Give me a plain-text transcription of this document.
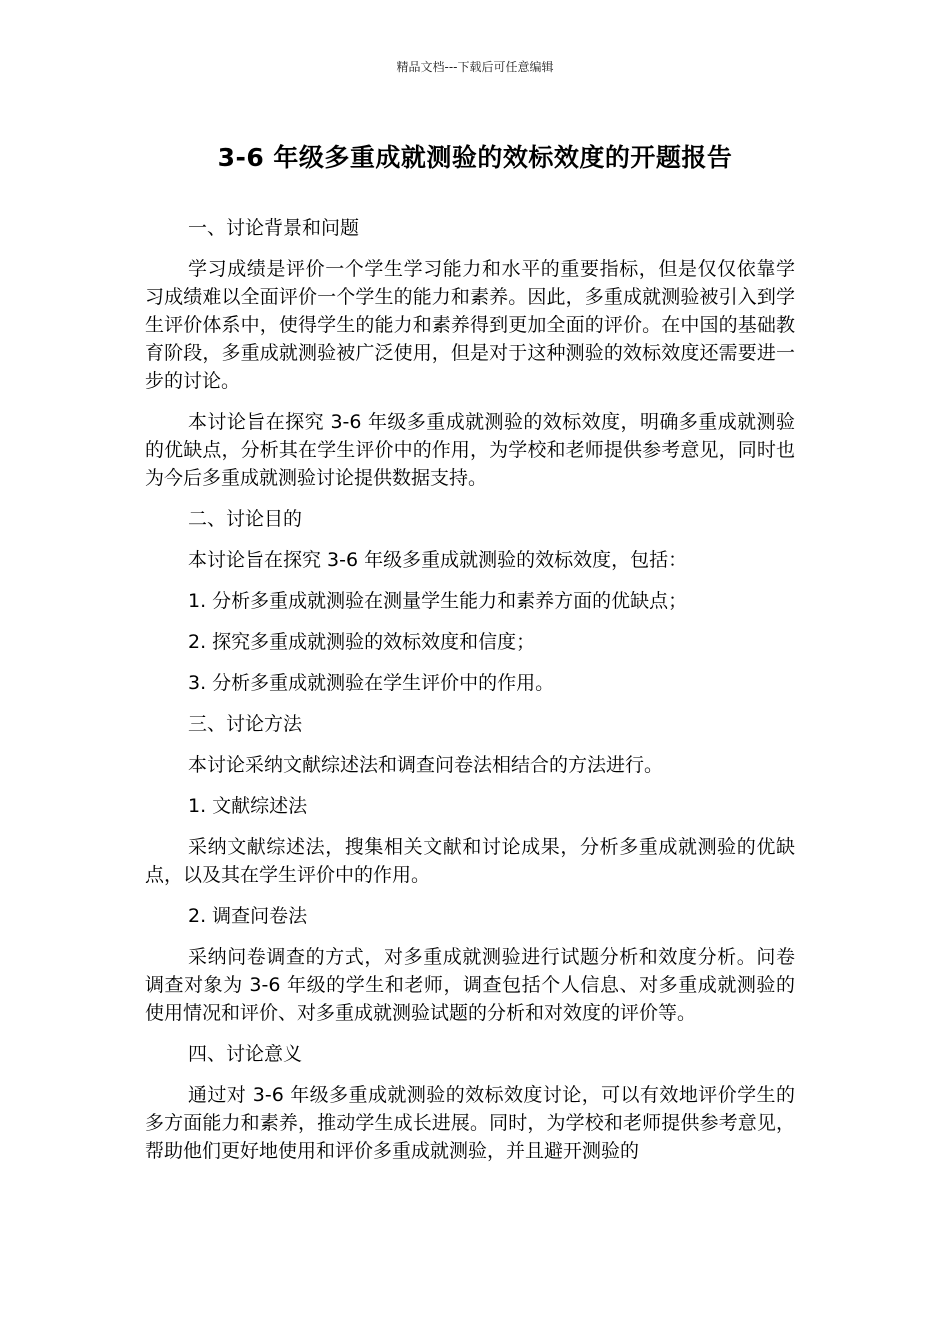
精品文档---下载后可任意编辑
3-6 年级多重成就测验的效标效度的开题报告
一、讨论背景和问题

学习成绩是评价一个学生学习能力和水平的重要指标，但是仅仅依靠学习成绩难以全面评价一个学生的能力和素养。因此，多重成就测验被引入到学生评价体系中，使得学生的能力和素养得到更加全面的评价。在中国的基础教育阶段，多重成就测验被广泛使用，但是对于这种测验的效标效度还需要进一步的讨论。

本讨论旨在探究 3-6 年级多重成就测验的效标效度，明确多重成就测验的优缺点，分析其在学生评价中的作用，为学校和老师提供参考意见，同时也为今后多重成就测验讨论提供数据支持。

二、讨论目的
本讨论旨在探究 3-6 年级多重成就测验的效标效度，包括：
1. 分析多重成就测验在测量学生能力和素养方面的优缺点；
2. 探究多重成就测验的效标效度和信度；
3. 分析多重成就测验在学生评价中的作用。
三、讨论方法
本讨论采纳文献综述法和调查问卷法相结合的方法进行。
1. 文献综述法

采纳文献综述法，搜集相关文献和讨论成果，分析多重成就测验的优缺点，以及其在学生评价中的作用。

2. 调查问卷法

采纳问卷调查的方式，对多重成就测验进行试题分析和效度分析。问卷调查对象为 3-6 年级的学生和老师，调查包括个人信息、对多重成就测验的使用情况和评价、对多重成就测验试题的分析和对效度的评价等。

四、讨论意义

通过对 3-6 年级多重成就测验的效标效度讨论，可以有效地评价学生的多方面能力和素养，推动学生成长进展。同时，为学校和老师提供参考意见，帮助他们更好地使用和评价多重成就测验，并且避开测验的
